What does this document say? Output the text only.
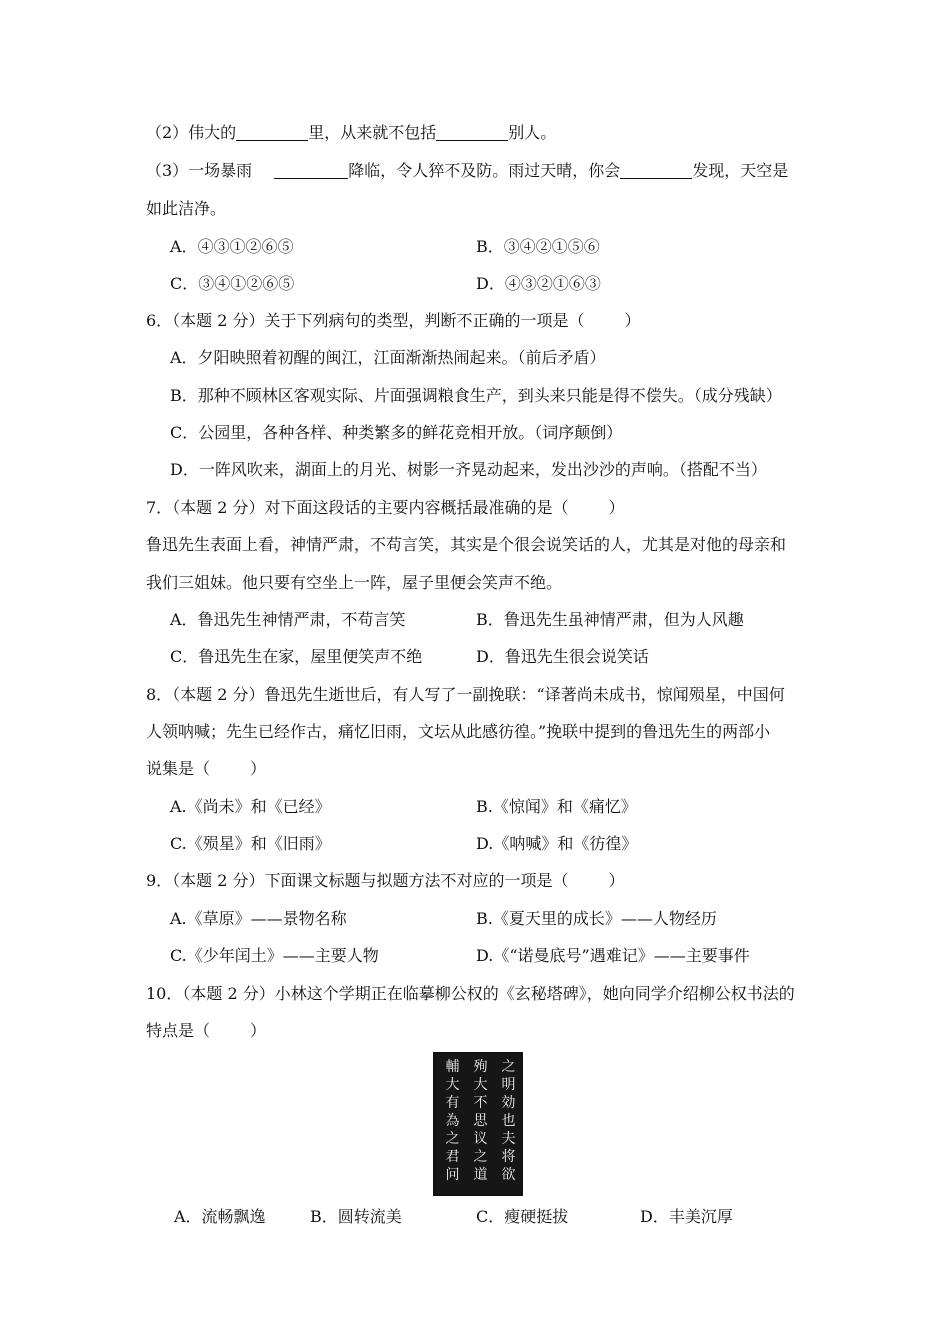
（2）伟大的	里，从来就不包括	别人。
（3）一场暴雨	降临，令人猝不及防。雨过天晴，你会	发现，天空是
如此洁净。
A．④③①②⑥⑤	B．③④②①⑤⑥
C．③④①②⑥⑤	D．④③②①⑥③
6．（本题 2 分）关于下列病句的类型，判断不正确的一项是（	）
A．夕阳映照着初醒的闽江，江面渐渐热闹起来。（前后矛盾）
B．那种不顾林区客观实际、片面强调粮食生产，到头来只能是得不偿失。（成分残缺）
C．公园里，各种各样、种类繁多的鲜花竞相开放。（词序颠倒）
D．一阵风吹来，湖面上的月光、树影一齐晃动起来，发出沙沙的声响。（搭配不当）
7．（本题 2 分）对下面这段话的主要内容概括最准确的是（	）
鲁迅先生表面上看，神情严肃，不苟言笑，其实是个很会说笑话的人，尤其是对他的母亲和
我们三姐妹。他只要有空坐上一阵，屋子里便会笑声不绝。
A．鲁迅先生神情严肃，不苟言笑	B．鲁迅先生虽神情严肃，但为人风趣
C．鲁迅先生在家，屋里便笑声不绝	D．鲁迅先生很会说笑话
8．（本题 2 分）鲁迅先生逝世后，有人写了一副挽联：“译著尚未成书，惊闻殒星，中国何
人领呐喊；先生已经作古，痛忆旧雨，文坛从此感彷徨。”挽联中提到的鲁迅先生的两部小
说集是（	）
A.《尚未》和《已经》	B.《惊闻》和《痛忆》
C.《殒星》和《旧雨》	D.《呐喊》和《彷徨》
9．（本题 2 分）下面课文标题与拟题方法不对应的一项是（	）
A.《草原》——景物名称	B.《夏天里的成长》——人物经历
C.《少年闰土》——主要人物	D.《“诺曼底号”遇难记》——主要事件
10．（本题 2 分）小林这个学期正在临摹柳公权的《玄秘塔碑》，她向同学介绍柳公权书法的
特点是（	）
之明効也夫将欲
殉大不思议之道
輔大有為之君问
A．流畅飘逸	B．圆转流美	C．瘦硬挺拔	D．丰美沉厚
